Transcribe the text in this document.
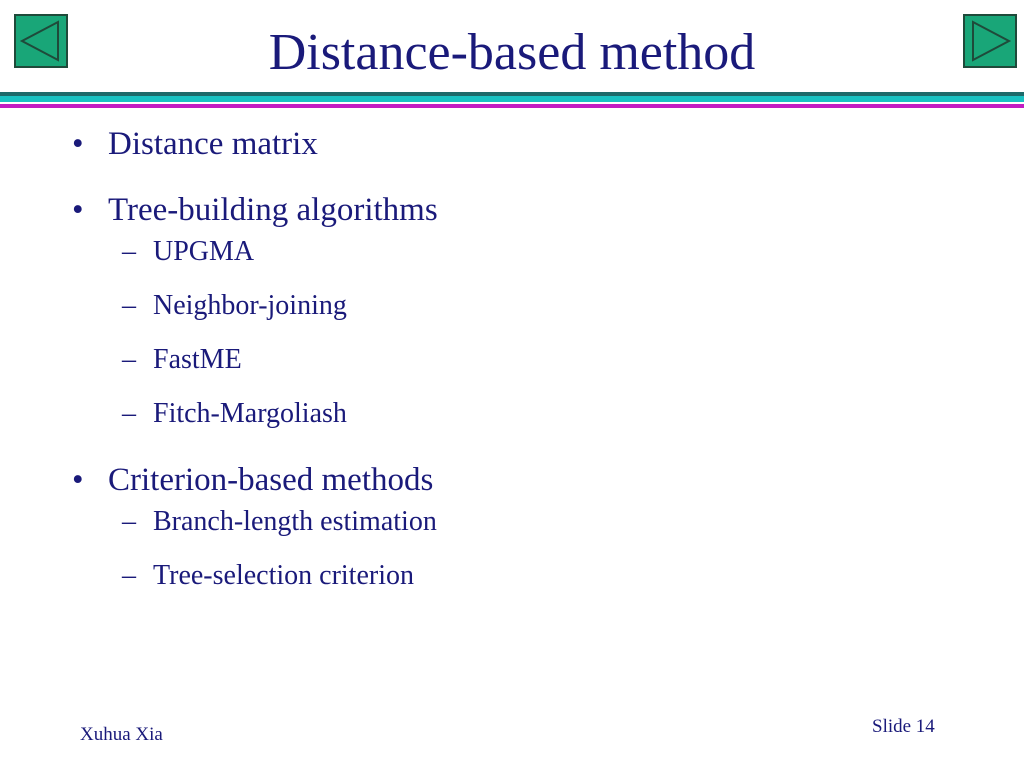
Distance-based method
• Distance matrix
• Tree-building algorithms
– UPGMA
– Neighbor-joining
– FastME
– Fitch-Margoliash
• Criterion-based methods
– Branch-length estimation
– Tree-selection criterion
Xuhua Xia	Slide 14
